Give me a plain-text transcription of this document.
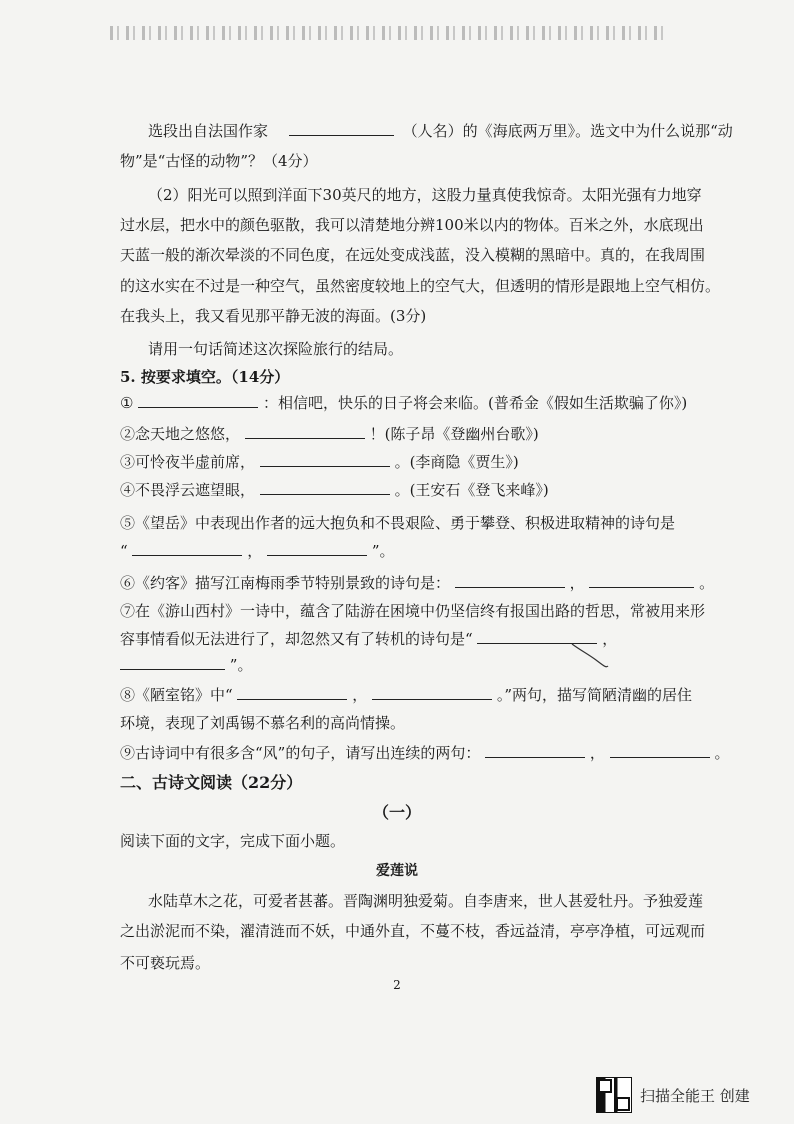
选段出自法国作家	（人名）的《海底两万里》。选文中为什么说那“动
物”是“古怪的动物”？（4分）
（2）阳光可以照到洋面下30英尺的地方，这股力量真使我惊奇。太阳光强有力地穿
过水层，把水中的颜色驱散，我可以清楚地分辨100米以内的物体。百米之外，水底现出
天蓝一般的渐次晕淡的不同色度，在远处变成浅蓝，没入模糊的黑暗中。真的，在我周围
的这水实在不过是一种空气，虽然密度较地上的空气大，但透明的情形是跟地上空气相仿。
在我头上，我又看见那平静无波的海面。(3分)
请用一句话简述这次探险旅行的结局。
5. 按要求填空。（14分）
①	：相信吧，快乐的日子将会来临。(普希金《假如生活欺骗了你》)
②念天地之悠悠，	！(陈子昂《登幽州台歌》)
③可怜夜半虚前席，	。(李商隐《贾生》)
④不畏浮云遮望眼，	。(王安石《登飞来峰》)
⑤《望岳》中表现出作者的远大抱负和不畏艰险、勇于攀登、积极进取精神的诗句是
“	，	”。
⑥《约客》描写江南梅雨季节特别景致的诗句是：	，	。
⑦在《游山西村》一诗中，蕴含了陆游在困境中仍坚信终有报国出路的哲思，常被用来形
容事情看似无法进行了，却忽然又有了转机的诗句是“	，
”。
⑧《陋室铭》中“	，	。”两句，描写简陋清幽的居住
环境，表现了刘禹锡不慕名利的高尚情操。
⑨古诗词中有很多含“风”的句子，请写出连续的两句：	，	。
二、古诗文阅读（22分）
（一）
阅读下面的文字，完成下面小题。
爱莲说
水陆草木之花，可爱者甚蕃。晋陶渊明独爱菊。自李唐来，世人甚爱牡丹。予独爱莲
之出淤泥而不染，濯清涟而不妖，中通外直，不蔓不枝，香远益清，亭亭净植，可远观而
不可亵玩焉。
2
扫描全能王 创建
